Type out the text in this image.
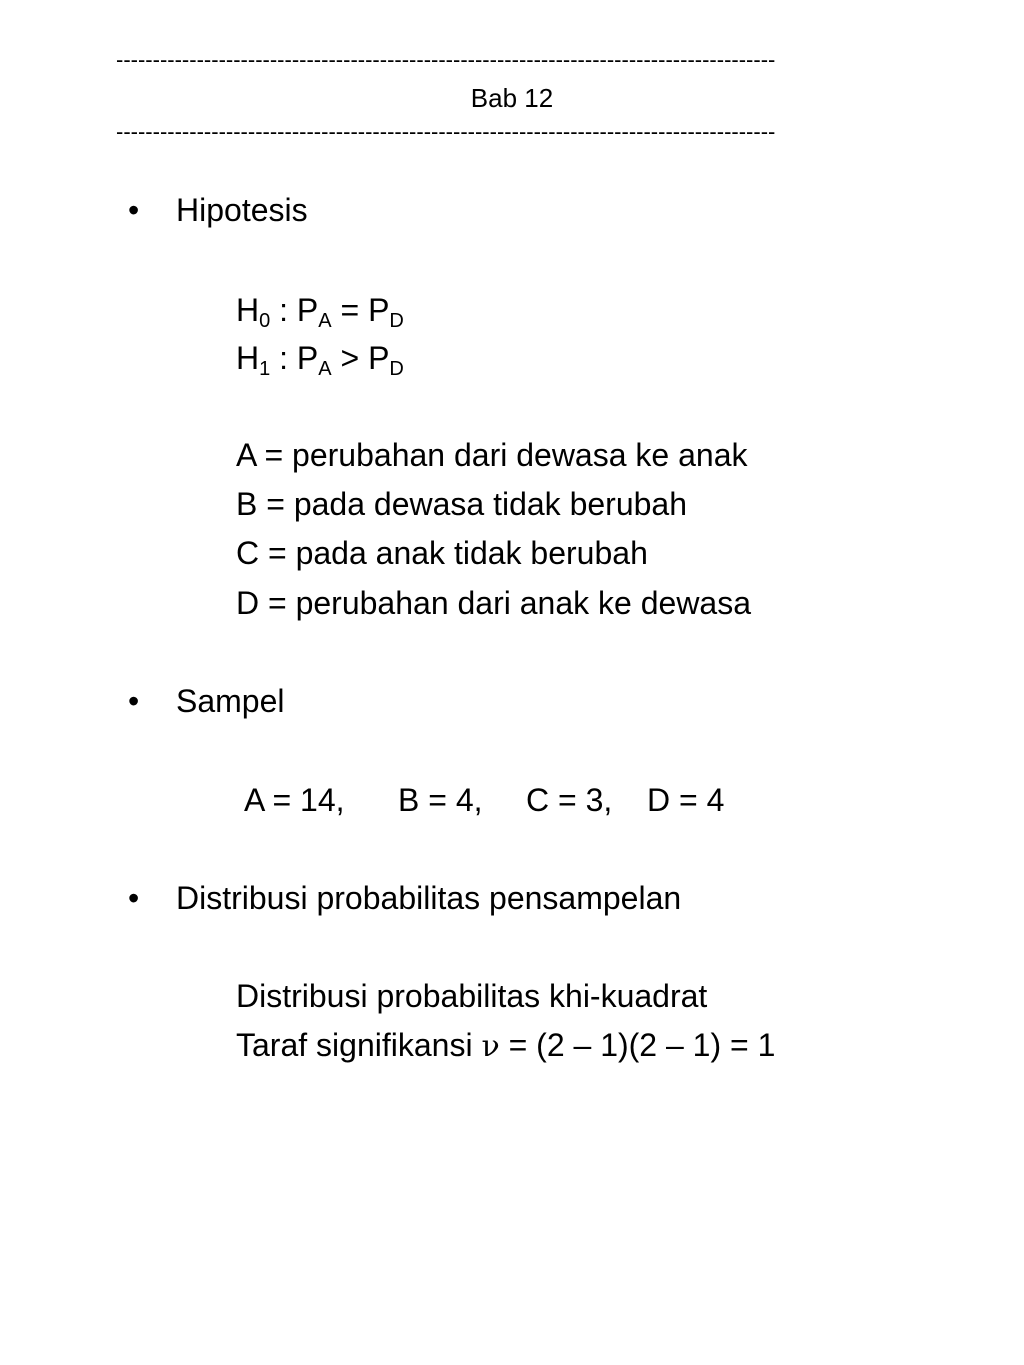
------------------------------------------------------------------------------------------
Bab 12
------------------------------------------------------------------------------------------
• Hipotesis
$H_0$ : $P_A = P_D$
$H_1$ : $P_A > P_D$
A = perubahan dari dewasa ke anak
B = pada dewasa tidak berubah
C = pada anak tidak berubah
D = perubahan dari anak ke dewasa
• Sampel
A = 14, B = 4, C = 3, D = 4
• Distribusi probabilitas pensampelan
Distribusi probabilitas khi-kuadrat
Taraf signifikansi ν = (2 – 1)(2 – 1) = 1
